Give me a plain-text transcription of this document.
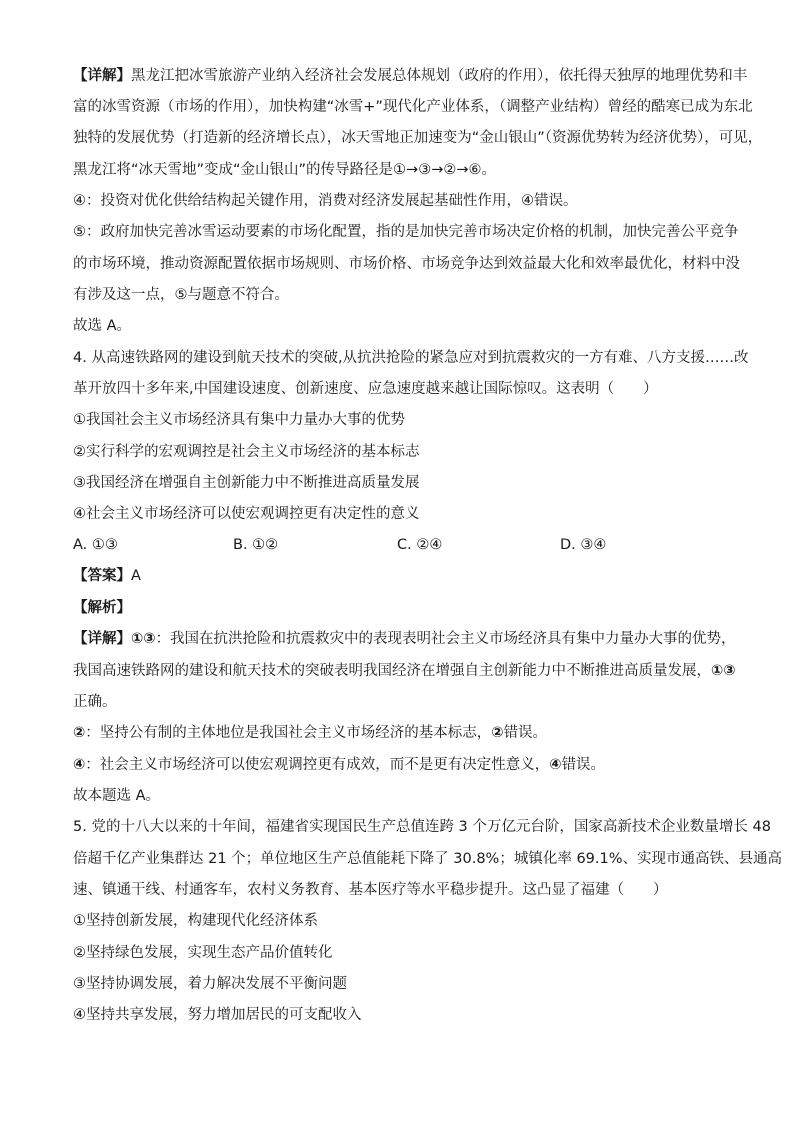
【详解】黑龙江把冰雪旅游产业纳入经济社会发展总体规划（政府的作用），依托得天独厚的地理优势和丰
富的冰雪资源（市场的作用），加快构建“冰雪+”现代化产业体系，（调整产业结构）曾经的酷寒已成为东北
独特的发展优势（打造新的经济增长点），冰天雪地正加速变为“金山银山”（资源优势转为经济优势），可见，
黑龙江将“冰天雪地”变成“金山银山”的传导路径是①→③→②→⑥。
④：投资对优化供给结构起关键作用，消费对经济发展起基础性作用，④错误。
⑤：政府加快完善冰雪运动要素的市场化配置，指的是加快完善市场决定价格的机制，加快完善公平竞争
的市场环境，推动资源配置依据市场规则、市场价格、市场竞争达到效益最大化和效率最优化，材料中没
有涉及这一点，⑤与题意不符合。
故选 A。
4. 从高速铁路网的建设到航天技术的突破,从抗洪抢险的紧急应对到抗震救灾的一方有难、八方支援……改
革开放四十多年来,中国建设速度、创新速度、应急速度越来越让国际惊叹。这表明（　　）
①我国社会主义市场经济具有集中力量办大事的优势
②实行科学的宏观调控是社会主义市场经济的基本标志
③我国经济在增强自主创新能力中不断推进高质量发展
④社会主义市场经济可以使宏观调控更有决定性的意义
A. ①③	B. ①②	C. ②④	D. ③④
【答案】A
【解析】
【详解】①③：我国在抗洪抢险和抗震救灾中的表现表明社会主义市场经济具有集中力量办大事的优势，
我国高速铁路网的建设和航天技术的突破表明我国经济在增强自主创新能力中不断推进高质量发展，①③
正确。
②：坚持公有制的主体地位是我国社会主义市场经济的基本标志，②错误。
④：社会主义市场经济可以使宏观调控更有成效，而不是更有决定性意义，④错误。
故本题选 A。
5. 党的十八大以来的十年间，福建省实现国民生产总值连跨 3 个万亿元台阶，国家高新技术企业数量增长 48
倍超千亿产业集群达 21 个；单位地区生产总值能耗下降了 30.8%；城镇化率 69.1%、实现市通高铁、县通高
速、镇通干线、村通客车，农村义务教育、基本医疗等水平稳步提升。这凸显了福建（　　）
①坚持创新发展，构建现代化经济体系
②坚持绿色发展，实现生态产品价值转化
③坚持协调发展，着力解决发展不平衡问题
④坚持共享发展，努力增加居民的可支配收入
